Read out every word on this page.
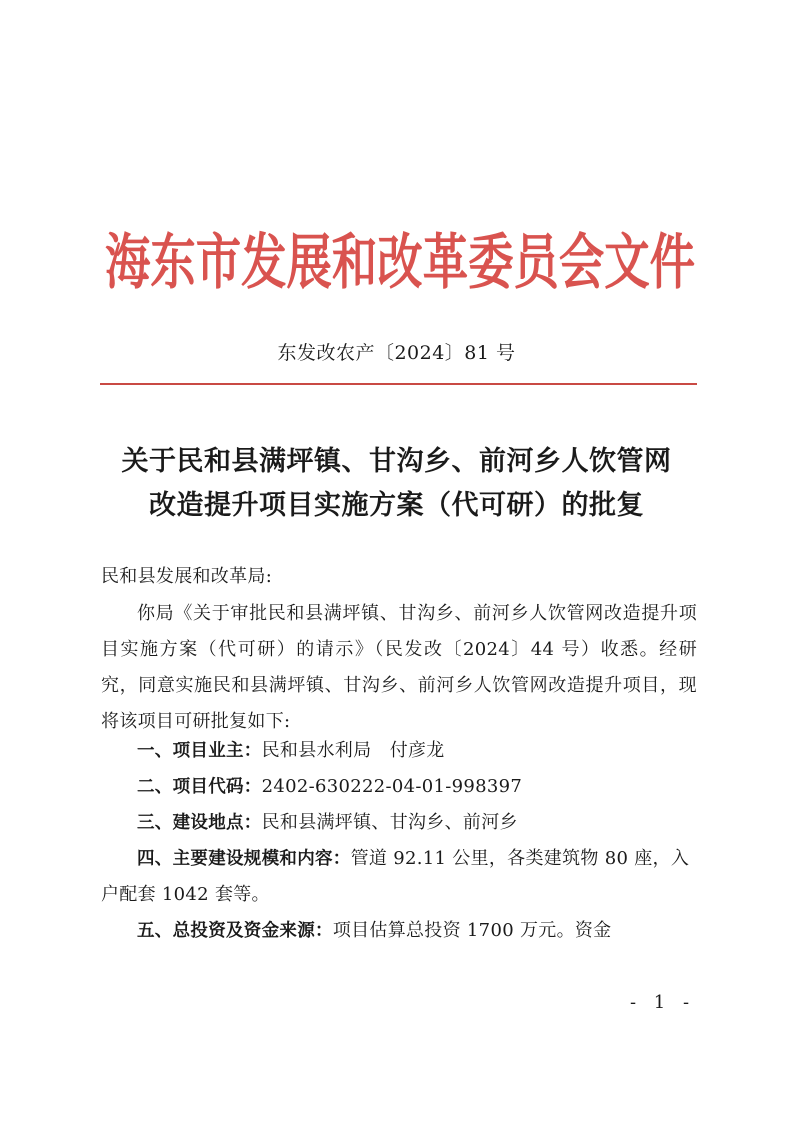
海东市发展和改革委员会文件
东发改农产〔2024〕81 号
关于民和县满坪镇、甘沟乡、前河乡人饮管网
改造提升项目实施方案（代可研）的批复
民和县发展和改革局:

你局《关于审批民和县满坪镇、甘沟乡、前河乡人饮管网改造提升项目实施方案（代可研）的请示》（民发改〔2024〕44 号）收悉。经研究，同意实施民和县满坪镇、甘沟乡、前河乡人饮管网改造提升项目，现将该项目可研批复如下:

一、项目业主：民和县水利局　付彦龙

二、项目代码：2402-630222-04-01-998397

三、建设地点：民和县满坪镇、甘沟乡、前河乡

四、主要建设规模和内容：管道 92.11 公里，各类建筑物 80 座，入户配套 1042 套等。

五、总投资及资金来源：项目估算总投资 1700 万元。资金

- 1 -
